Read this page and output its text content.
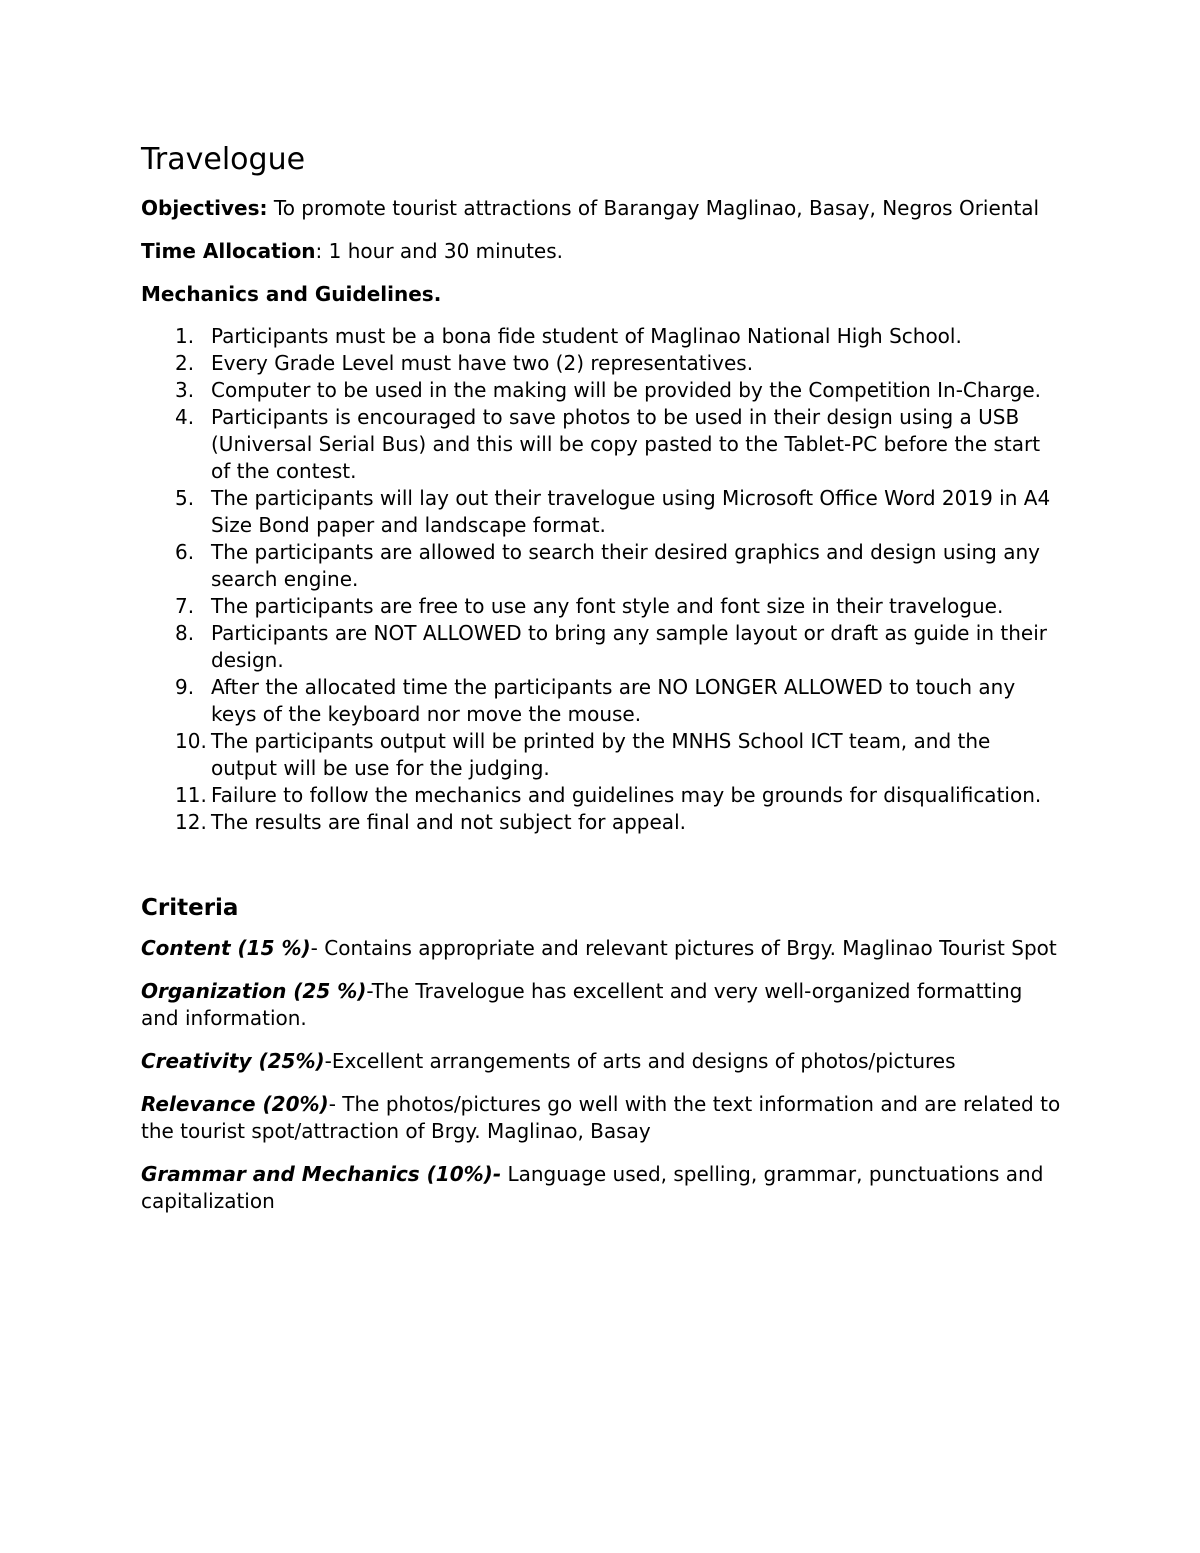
Travelogue

Objectives: To promote tourist attractions of Barangay Maglinao, Basay, Negros Oriental

Time Allocation: 1 hour and 30 minutes.

Mechanics and Guidelines.

1. Participants must be a bona fide student of Maglinao National High School.
2. Every Grade Level must have two (2) representatives.
3. Computer to be used in the making will be provided by the Competition In-Charge.
4. Participants is encouraged to save photos to be used in their design using a USB (Universal Serial Bus) and this will be copy pasted to the Tablet-PC before the start of the contest.
5. The participants will lay out their travelogue using Microsoft Office Word 2019 in A4 Size Bond paper and landscape format.
6. The participants are allowed to search their desired graphics and design using any search engine.
7. The participants are free to use any font style and font size in their travelogue.
8. Participants are NOT ALLOWED to bring any sample layout or draft as guide in their design.
9. After the allocated time the participants are NO LONGER ALLOWED to touch any keys of the keyboard nor move the mouse.
10. The participants output will be printed by the MNHS School ICT team, and the output will be use for the judging.
11. Failure to follow the mechanics and guidelines may be grounds for disqualification.
12. The results are final and not subject for appeal.

Criteria

Content (15 %)- Contains appropriate and relevant pictures of Brgy. Maglinao Tourist Spot

Organization (25 %)-The Travelogue has excellent and very well-organized formatting and information.

Creativity (25%)-Excellent arrangements of arts and designs of photos/pictures

Relevance (20%)- The photos/pictures go well with the text information and are related to the tourist spot/attraction of Brgy. Maglinao, Basay

Grammar and Mechanics (10%)- Language used, spelling, grammar, punctuations and capitalization
